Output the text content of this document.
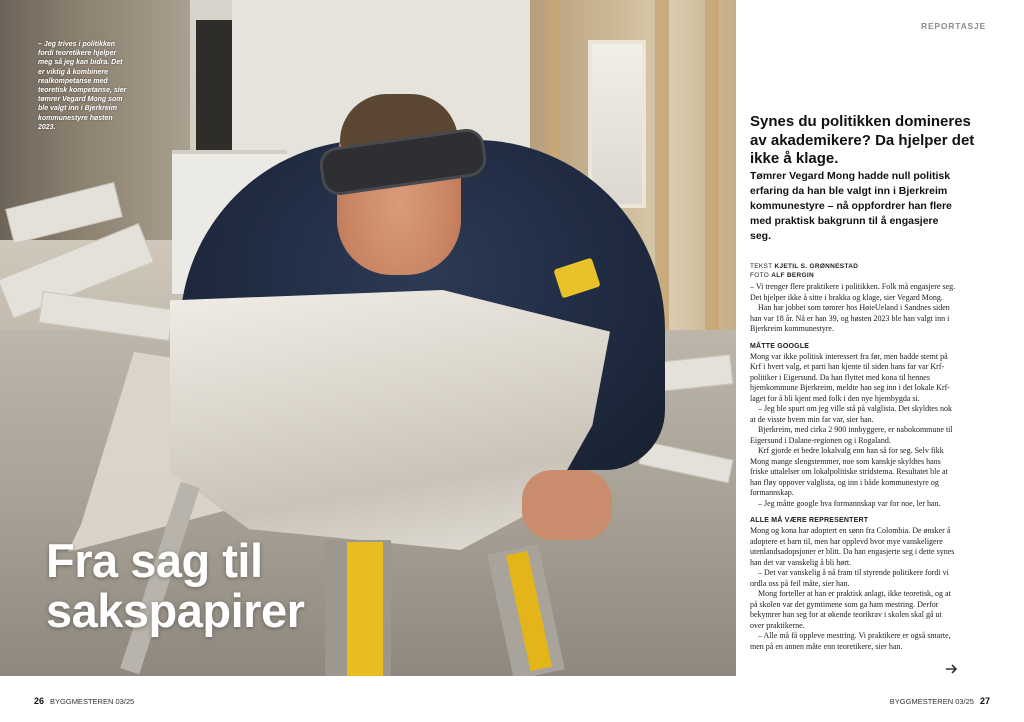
– Jeg trives i politikken fordi teoretikere hjelper meg så jeg kan bidra. Det er viktig å kombinere realkompetanse med teoretisk kompetanse, sier tømrer Vegard Mong som ble valgt inn i Bjerkreim kommunestyre høsten 2023.
Fra sag til
sakspapirer
26 BYGGMESTEREN 03/25
REPORTASJE
Synes du politikken domineres av akademikere? Da hjelper det ikke å klage.

Tømrer Vegard Mong hadde null politisk erfaring da han ble valgt inn i Bjerkreim kommunestyre – nå oppfordrer han flere med praktisk bakgrunn til å engasjere seg.

TEKST KJETIL S. GRØNNESTAD
FOTO ALF BERGIN

– Vi trenger flere praktikere i politikken. Folk må engasjere seg. Det hjelper ikke å sitte i brakka og klage, sier Vegard Mong.

Han har jobbet som tømrer hos HøieUeland i Sandnes siden han var 18 år. Nå er han 39, og høsten 2023 ble han valgt inn i Bjerkreim kommunestyre.

MÅTTE GOOGLE

Mong var ikke politisk interessert fra før, men hadde stemt på Krf i hvert valg, et parti han kjente til siden hans far var Krf-politiker i Eigersund. Da han flyttet med kona til hennes hjemkommune Bjerkreim, meldte han seg inn i det lokale Krf-laget for å bli kjent med folk i den nye hjembygda si.

– Jeg ble spurt om jeg ville stå på valglista. Det skyldtes nok at de visste hvem min far var, sier han.

Bjerkreim, med cirka 2 900 innbyggere, er nabokommune til Eigersund i Dalane-regionen og i Rogaland.

Krf gjorde et bedre lokalvalg enn han så for seg. Selv fikk Mong mange slengstemmer, noe som kanskje skyldtes hans friske uttalelser om lokalpolitiske stridstema. Resultatet ble at han fløy oppover valglista, og inn i både kommunestyre og formannskap.

– Jeg måtte google hva formannskap var for noe, ler han.

ALLE MÅ VÆRE REPRESENTERT

Mong og kona har adoptert en sønn fra Colombia. De ønsker å adoptere et barn til, men har opplevd hvor mye vanskeligere utenlandsadopsjoner er blitt. Da han engasjerte seg i dette synes han det var vanskelig å bli hørt.

– Det var vanskelig å nå fram til styrende politikere fordi vi ordla oss på feil måte, sier han.

Mong forteller at han er praktisk anlagt, ikke teoretisk, og at på skolen var det gymtimene som ga ham mestring. Derfor bekymrer han seg for at økende teorikrav i skolen skal gå ut over praktikerne.

– Alle må få oppleve mestring. Vi praktikere er også smarte, men på en annen måte enn teoretikere, sier han.

BYGGMESTEREN 03/25 27
